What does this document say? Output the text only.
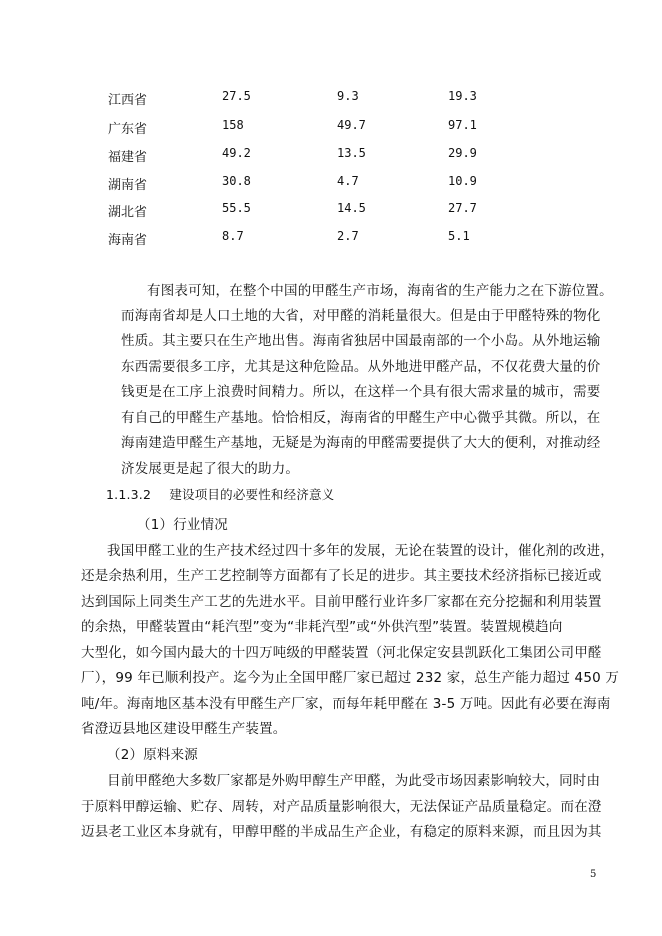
江西省	27.5	9.3	19.3
广东省	158	49.7	97.1
福建省	49.2	13.5	29.9
湖南省	30.8	4.7	10.9
湖北省	55.5	14.5	27.7
海南省	8.7	2.7	5.1
有图表可知，在整个中国的甲醛生产市场，海南省的生产能力之在下游位置。
而海南省却是人口土地的大省，对甲醛的消耗量很大。但是由于甲醛特殊的物化
性质。其主要只在生产地出售。海南省独居中国最南部的一个小岛。从外地运输
东西需要很多工序，尤其是这种危险品。从外地进甲醛产品，不仅花费大量的价
钱更是在工序上浪费时间精力。所以，在这样一个具有很大需求量的城市，需要
有自己的甲醛生产基地。恰恰相反，海南省的甲醛生产中心微乎其微。所以，在
海南建造甲醛生产基地，无疑是为海南的甲醛需要提供了大大的便利，对推动经
济发展更是起了很大的助力。
1.1.3.2 建设项目的必要性和经济意义
（1）行业情况
我国甲醛工业的生产技术经过四十多年的发展，无论在装置的设计，催化剂的改进，
还是余热利用，生产工艺控制等方面都有了长足的进步。其主要技术经济指标已接近或
达到国际上同类生产工艺的先进水平。目前甲醛行业许多厂家都在充分挖掘和利用装置
的余热，甲醛装置由“耗汽型”变为“非耗汽型”或“外供汽型”装置。装置规模趋向
大型化，如今国内最大的十四万吨级的甲醛装置（河北保定安县凯跃化工集团公司甲醛
厂），99 年已顺利投产。迄今为止全国甲醛厂家已超过 232 家，总生产能力超过 450 万
吨/年。海南地区基本没有甲醛生产厂家，而每年耗甲醛在 3-5 万吨。因此有必要在海南
省澄迈县地区建设甲醛生产装置。
（2）原料来源
目前甲醛绝大多数厂家都是外购甲醇生产甲醛，为此受市场因素影响较大，同时由
于原料甲醇运输、贮存、周转，对产品质量影响很大，无法保证产品质量稳定。而在澄
迈县老工业区本身就有，甲醇甲醛的半成品生产企业，有稳定的原料来源，而且因为其
5
